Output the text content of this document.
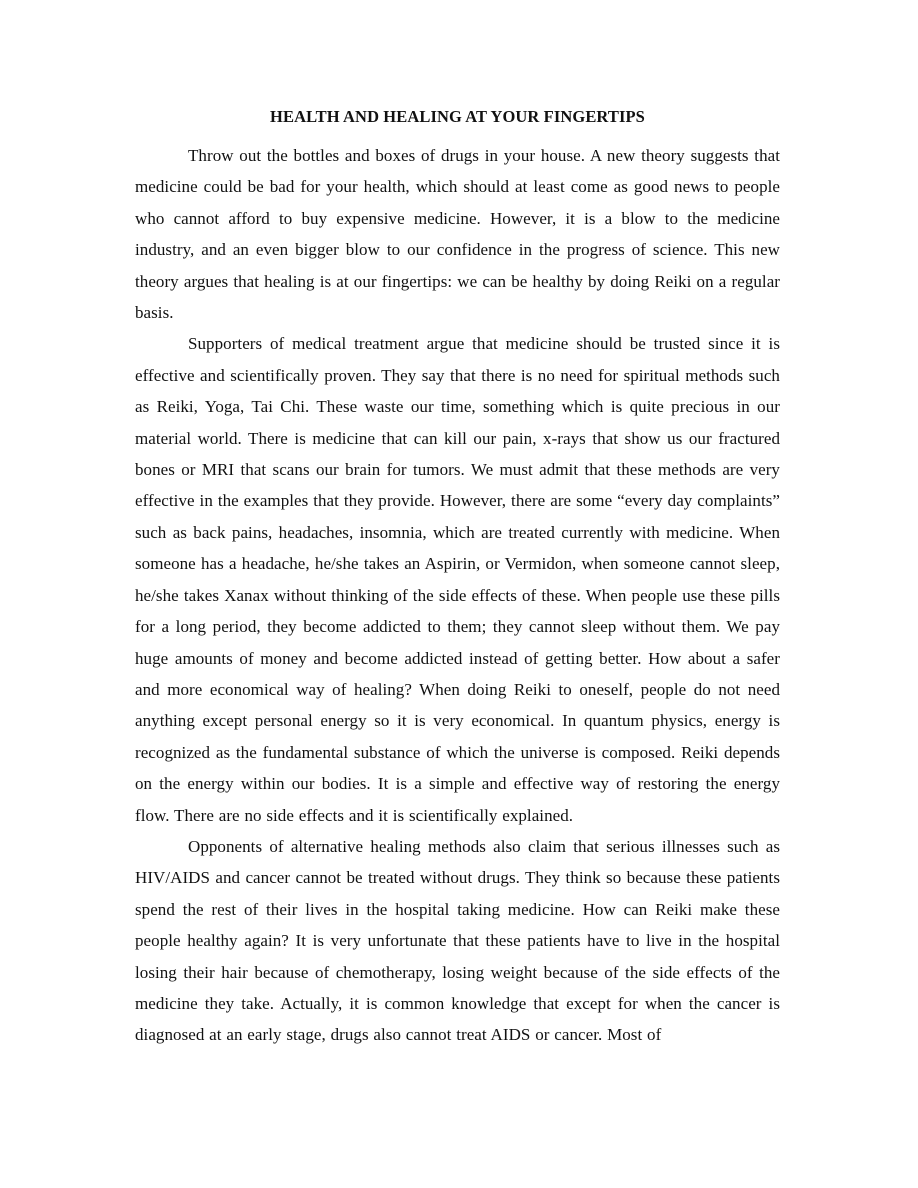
HEALTH AND HEALING AT YOUR FINGERTIPS

Throw out the bottles and boxes of drugs in your house. A new theory suggests that medicine could be bad for your health, which should at least come as good news to people who cannot afford to buy expensive medicine. However, it is a blow to the medicine industry, and an even bigger blow to our confidence in the progress of science. This new theory argues that healing is at our fingertips: we can be healthy by doing Reiki on a regular basis.

Supporters of medical treatment argue that medicine should be trusted since it is effective and scientifically proven. They say that there is no need for spiritual methods such as Reiki, Yoga, Tai Chi. These waste our time, something which is quite precious in our material world. There is medicine that can kill our pain, x-rays that show us our fractured bones or MRI that scans our brain for tumors. We must admit that these methods are very effective in the examples that they provide. However, there are some “every day complaints” such as back pains, headaches, insomnia, which are treated currently with medicine. When someone has a headache, he/she takes an Aspirin, or Vermidon, when someone cannot sleep, he/she takes Xanax without thinking of the side effects of these. When people use these pills for a long period, they become addicted to them; they cannot sleep without them. We pay huge amounts of money and become addicted instead of getting better. How about a safer and more economical way of healing? When doing Reiki to oneself, people do not need anything except personal energy so it is very economical. In quantum physics, energy is recognized as the fundamental substance of which the universe is composed. Reiki depends on the energy within our bodies. It is a simple and effective way of restoring the energy flow. There are no side effects and it is scientifically explained.

Opponents of alternative healing methods also claim that serious illnesses such as HIV/AIDS and cancer cannot be treated without drugs. They think so because these patients spend the rest of their lives in the hospital taking medicine. How can Reiki make these people healthy again? It is very unfortunate that these patients have to live in the hospital losing their hair because of chemotherapy, losing weight because of the side effects of the medicine they take. Actually, it is common knowledge that except for when the cancer is diagnosed at an early stage, drugs also cannot treat AIDS or cancer. Most of
